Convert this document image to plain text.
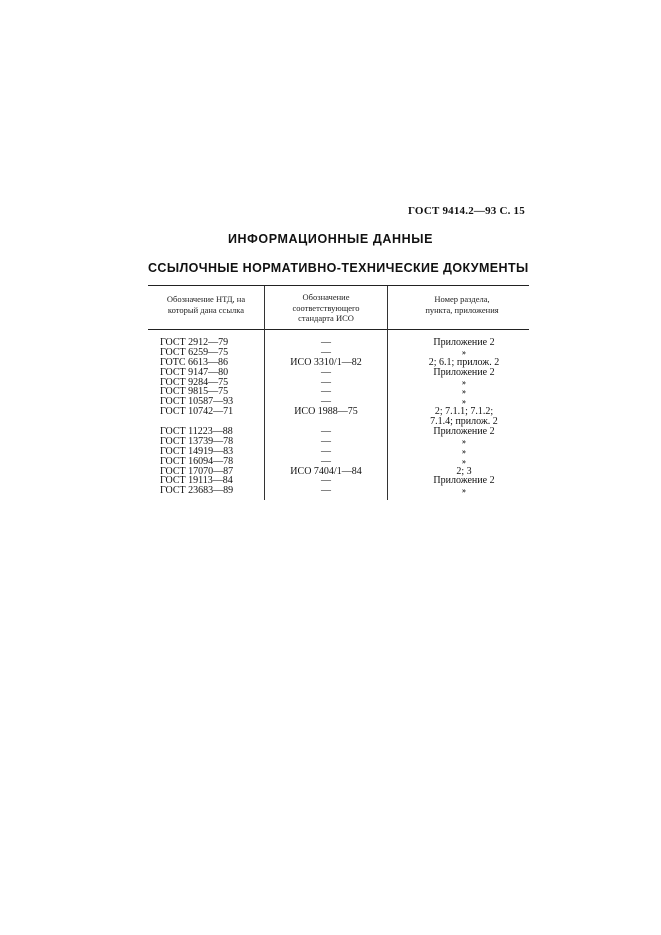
ГОСТ 9414.2—93 С. 15
ИНФОРМАЦИОННЫЕ ДАННЫЕ
ССЫЛОЧНЫЕ НОРМАТИВНО-ТЕХНИЧЕСКИЕ ДОКУМЕНТЫ
Обозначение НТД, на
который дана ссылка
Обозначение
соответствующего
стандарта ИСО
Номер раздела,
пункта, приложения
ГОСТ 2912—79
ГОСТ 6259—75
ГОТС 6613—86
ГОСТ 9147—80
ГОСТ 9284—75
ГОСТ 9815—75
ГОСТ 10587—93
ГОСТ 10742—71
ГОСТ 11223—88
ГОСТ 13739—78
ГОСТ 14919—83
ГОСТ 16094—78
ГОСТ 17070—87
ГОСТ 19113—84
ГОСТ 23683—89
—
—
ИСО 3310/1—82
—
—
—
—
ИСО 1988—75
—
—
—
—
ИСО 7404/1—84
—
—
Приложение 2
»
2; 6.1; прилож. 2
Приложение 2
»
»
»
2; 7.1.1; 7.1.2;
7.1.4; прилож. 2
Приложение 2
»
»
»
2; 3
Приложение 2
»
